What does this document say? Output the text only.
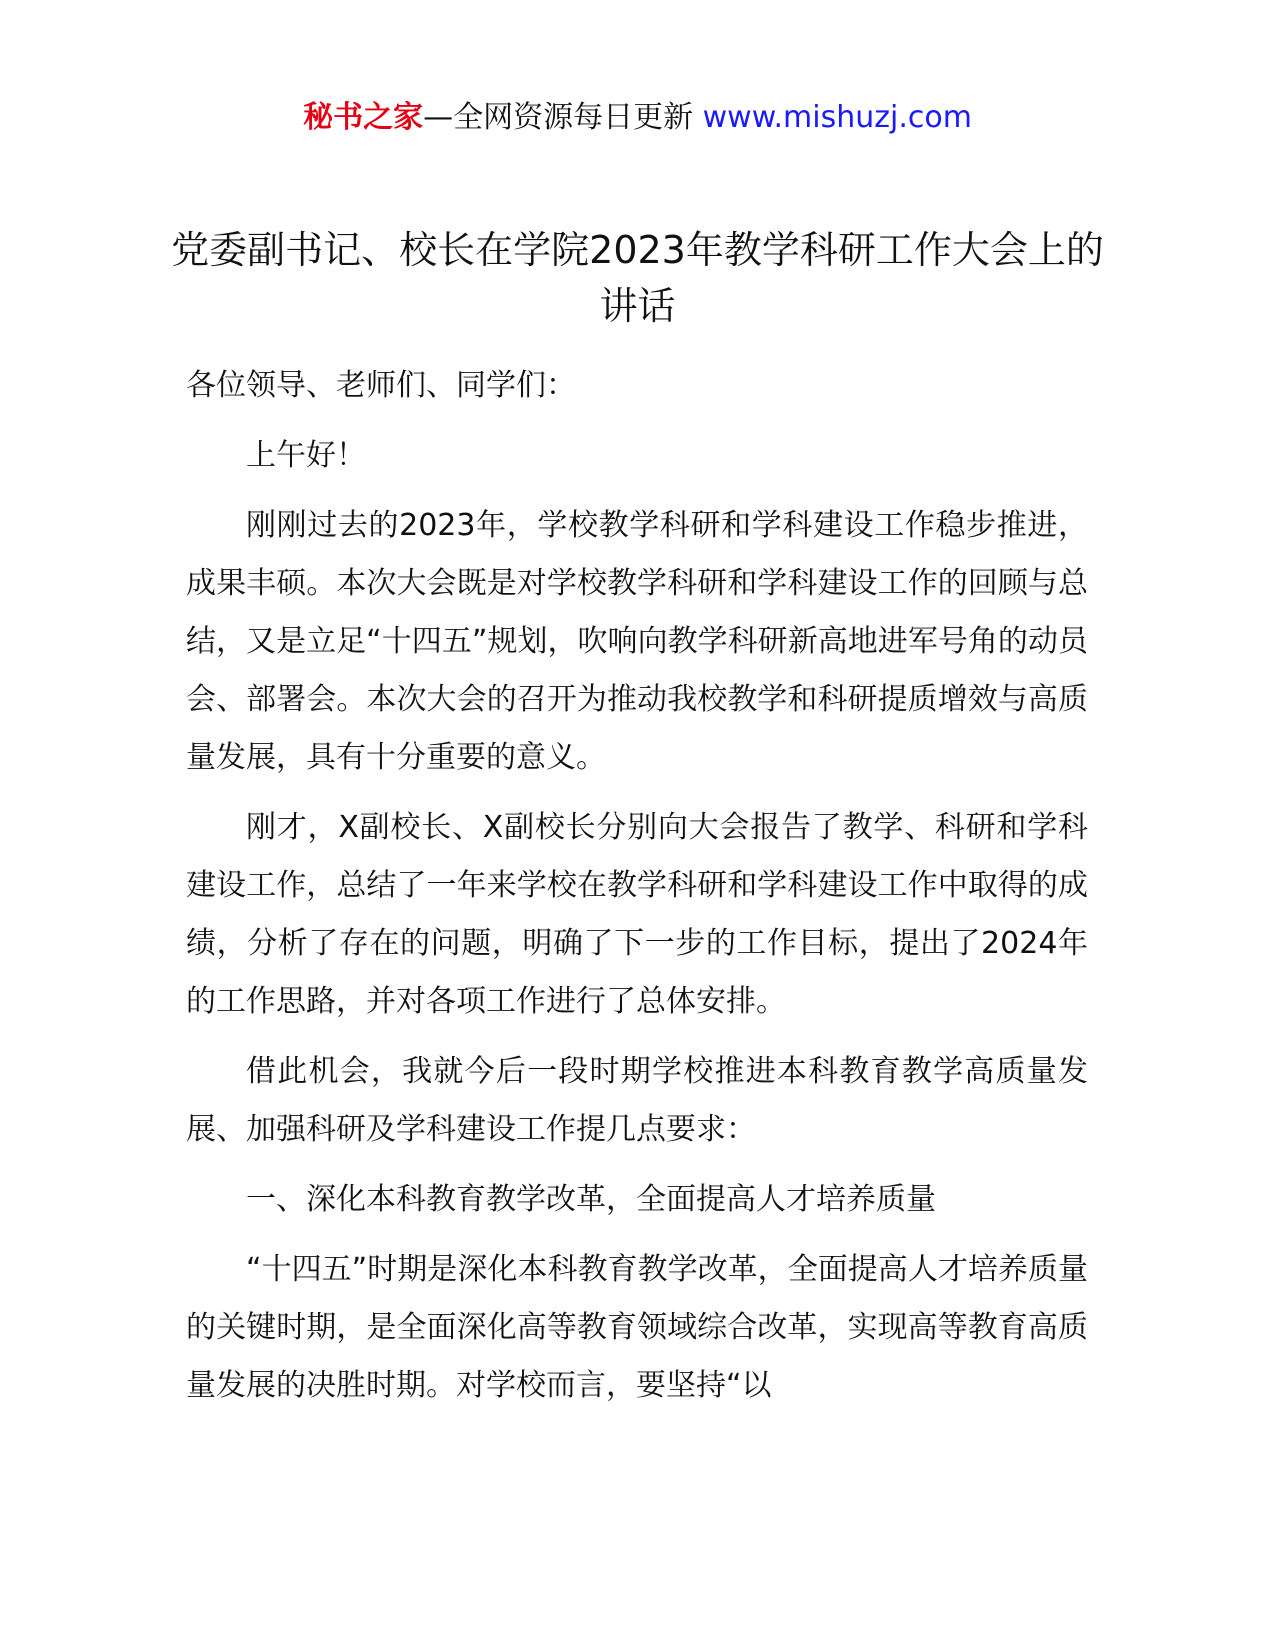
秘书之家—全网资源每日更新 www.mishuzj.com
党委副书记、校长在学院2023年教学科研工作大会上的讲话

各位领导、老师们、同学们：

上午好！

刚刚过去的2023年，学校教学科研和学科建设工作稳步推进，成果丰硕。本次大会既是对学校教学科研和学科建设工作的回顾与总结，又是立足“十四五”规划，吹响向教学科研新高地进军号角的动员会、部署会。本次大会的召开为推动我校教学和科研提质增效与高质量发展，具有十分重要的意义。

刚才，X副校长、X副校长分别向大会报告了教学、科研和学科建设工作，总结了一年来学校在教学科研和学科建设工作中取得的成绩，分析了存在的问题，明确了下一步的工作目标，提出了2024年的工作思路，并对各项工作进行了总体安排。

借此机会，我就今后一段时期学校推进本科教育教学高质量发展、加强科研及学科建设工作提几点要求：

一、深化本科教育教学改革，全面提高人才培养质量

“十四五”时期是深化本科教育教学改革，全面提高人才培养质量的关键时期，是全面深化高等教育领域综合改革，实现高等教育高质量发展的决胜时期。对学校而言，要坚持“以
